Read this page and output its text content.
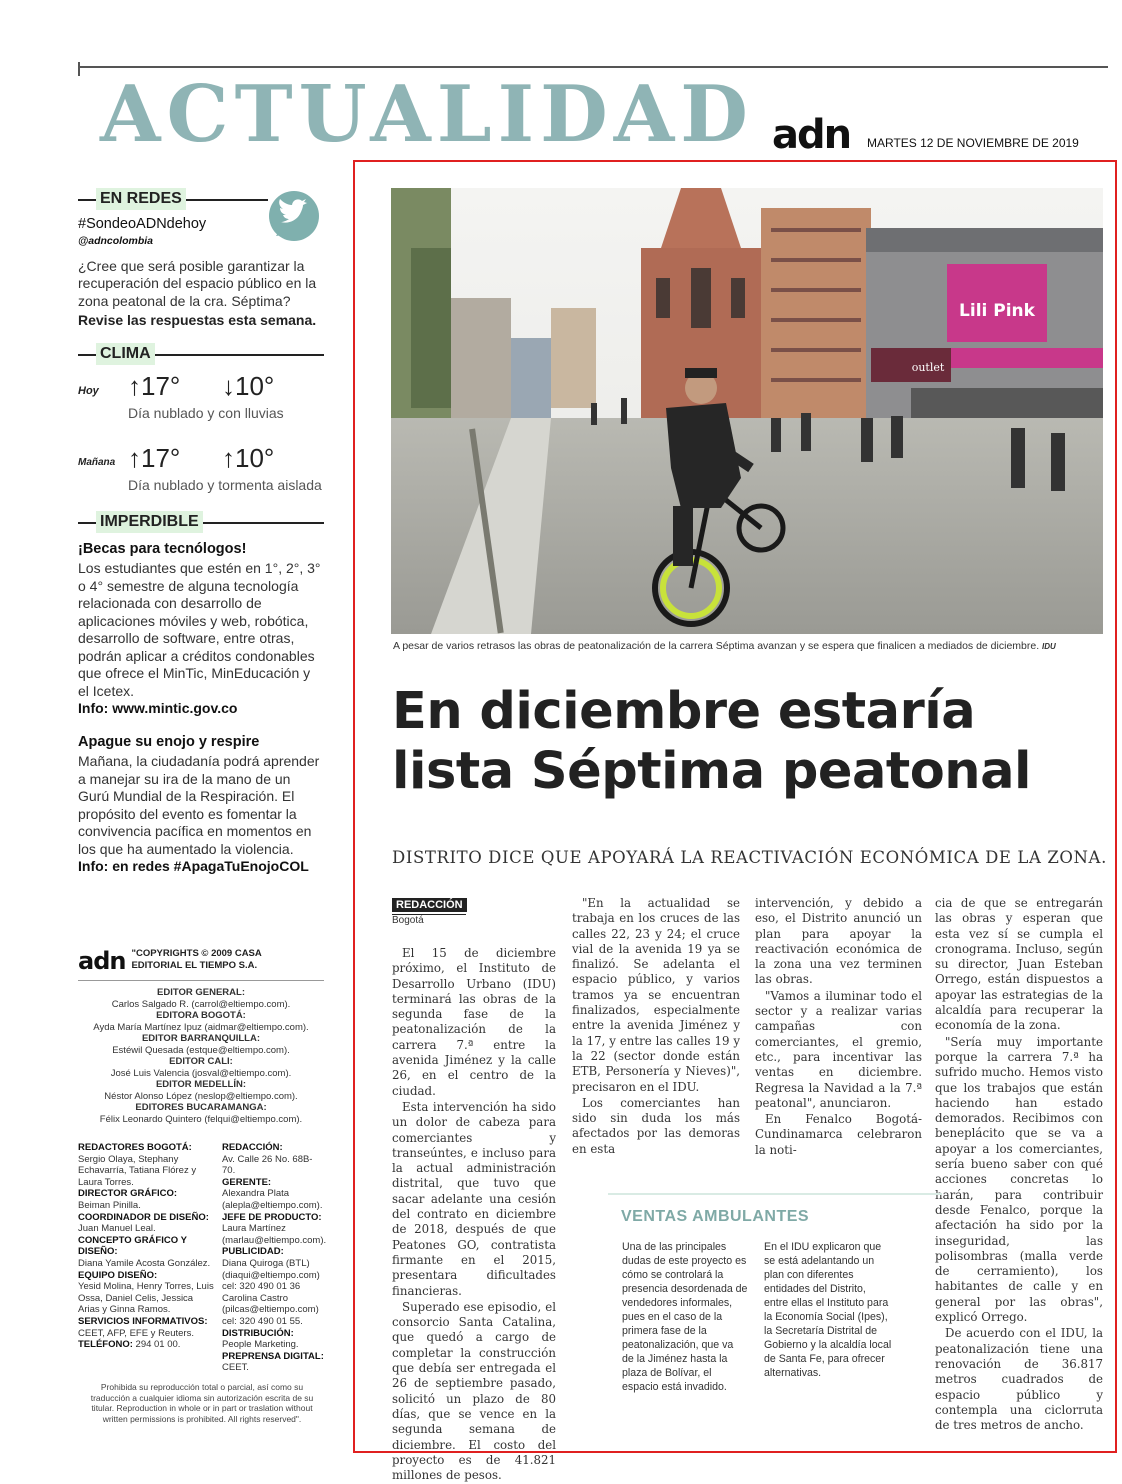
ACTUALIDAD adn MARTES 12 DE NOVIEMBRE DE 2019
EN REDES
#SondeoADNdehoy
@adncolombia
¿Cree que será posible garantizar la recuperación del espacio público en la zona peatonal de la cra. Séptima?
Revise las respuestas esta semana.
CLIMA
Hoy ↑17° ↓10°
Día nublado y con lluvias
Mañana ↑17° ↑10°
Día nublado y tormenta aislada
IMPERDIBLE
¡Becas para tecnólogos!
Los estudiantes que estén en 1°, 2°, 3° o 4° semestre de alguna tecnología relacionada con desarrollo de aplicaciones móviles y web, robótica, desarrollo de software, entre otras, podrán aplicar a créditos condonables que ofrece el MinTic, MinEducación y el Icetex.
Info: www.mintic.gov.co
Apague su enojo y respire
Mañana, la ciudadanía podrá aprender a manejar su ira de la mano de un Gurú Mundial de la Respiración. El propósito del evento es fomentar la convivencia pacífica en momentos en los que ha aumentado la violencia.
Info: en redes #ApagaTuEnojoCOL
adn "COPYRIGHTS © 2009 CASA EDITORIAL EL TIEMPO S.A.
EDITOR GENERAL:
Carlos Salgado R. (carrol@eltiempo.com).
EDITORA BOGOTÁ:
Ayda María Martínez Ipuz (aidmar@eltiempo.com).
EDITOR BARRANQUILLA:
Estéwil Quesada (estque@eltiempo.com).
EDITOR CALI:
José Luis Valencia (josval@eltiempo.com).
EDITOR MEDELLÍN:
Néstor Alonso López (neslop@eltiempo.com).
EDITORES BUCARAMANGA:
Félix Leonardo Quintero (felqui@eltiempo.com).
REDACTORES BOGOTÁ:
Sergio Olaya, Stephany Echavarría, Tatiana Flórez y Laura Torres.
DIRECTOR GRÁFICO:
Beiman Pinilla.
COORDINADOR DE DISEÑO:
Juan Manuel Leal.
CONCEPTO GRÁFICO Y DISEÑO:
Diana Yamile Acosta González.
EQUIPO DISEÑO:
Yesid Molina, Henry Torres, Luis Ossa, Daniel Celis, Jessica Arias y Ginna Ramos.
SERVICIOS INFORMATIVOS:
CEET, AFP, EFE y Reuters.
TELÉFONO: 294 01 00.
REDACCIÓN:
Av. Calle 26 No. 68B-70.
GERENTE:
Alexandra Plata (alepla@eltiempo.com).
JEFE DE PRODUCTO:
Laura Martínez (marlau@eltiempo.com).
PUBLICIDAD:
Diana Quiroga (BTL) (diaqui@eltiempo.com) cel: 320 490 01 36 Carolina Castro (pilcas@eltiempo.com) cel: 320 490 01 55.
DISTRIBUCIÓN:
People Marketing.
PREPRENSA DIGITAL:
CEET.
Prohibida su reproducción total o parcial, así como su traducción a cualquier idioma sin autorización escrita de su titular. Reproduction in whole or in part or traslation without written permissions is prohibited. All rights reserved".
Lili Pink
outlet
A pesar de varios retrasos las obras de peatonalización de la carrera Séptima avanzan y se espera que finalicen a mediados de diciembre. IDU
En diciembre estaría lista Séptima peatonal
DISTRITO DICE QUE APOYARÁ LA REACTIVACIÓN ECONÓMICA DE LA ZONA.
REDACCIÓN
Bogotá

El 15 de diciembre próximo, el Instituto de Desarrollo Urbano (IDU) terminará las obras de la segunda fase de la peatonalización de la carrera 7.ª entre la avenida Jiménez y la calle 26, en el centro de la ciudad.

Esta intervención ha sido un dolor de cabeza para comerciantes y transeúntes, e incluso para la actual administración distrital, que tuvo que sacar adelante una cesión del contrato en diciembre de 2018, después de que Peatones GO, contratista firmante en el 2015, presentara dificultades financieras.

Superado ese episodio, el consorcio Santa Catalina, que quedó a cargo de completar la construcción que debía ser entregada el 26 de septiembre pasado, solicitó un plazo de 80 días, que se vence en la segunda semana de diciembre. El costo del proyecto es de 41.821 millones de pesos.

"En la actualidad se trabaja en los cruces de las calles 22, 23 y 24; el cruce vial de la avenida 19 ya se finalizó. Se adelanta el espacio público, y varios tramos ya se encuentran finalizados, especialmente entre la avenida Jiménez y la 17, y entre las calles 19 y la 22 (sector donde están ETB, Personería y Nieves)", precisaron en el IDU.

Los comerciantes han sido sin duda los más afectados por las demoras en esta

intervención, y debido a eso, el Distrito anunció un plan para apoyar la reactivación económica de la zona una vez terminen las obras.

"Vamos a iluminar todo el sector y a realizar varias campañas con comerciantes, el gremio, etc., para incentivar las ventas en diciembre. Regresa la Navidad a la 7.ª peatonal", anunciaron.

En Fenalco Bogotá-Cundinamarca celebraron la noti-

cia de que se entregarán las obras y esperan que esta vez sí se cumpla el cronograma. Incluso, según su director, Juan Esteban Orrego, están dispuestos a apoyar las estrategias de la alcaldía para recuperar la economía de la zona.

"Sería muy importante porque la carrera 7.ª ha sufrido mucho. Hemos visto que los trabajos que están haciendo han estado demorados. Recibimos con beneplácito que se va a apoyar a los comerciantes, sería bueno saber con qué acciones concretas lo harán, para contribuir desde Fenalco, porque la afectación ha sido por la inseguridad, las polisombras (malla verde de cerramiento), los habitantes de calle y en general por las obras", explicó Orrego.

De acuerdo con el IDU, la peatonalización tiene una renovación de 36.817 metros cuadrados de espacio público y contempla una ciclorruta de tres metros de ancho.

VENTAS AMBULANTES
Una de las principales dudas de este proyecto es cómo se controlará la presencia desordenada de vendedores informales, pues en el caso de la primera fase de la peatonalización, que va de la Jiménez hasta la plaza de Bolívar, el espacio está invadido.
En el IDU explicaron que se está adelantando un plan con diferentes entidades del Distrito, entre ellas el Instituto para la Economía Social (Ipes), la Secretaría Distrital de Gobierno y la alcaldía local de Santa Fe, para ofrecer alternativas.
